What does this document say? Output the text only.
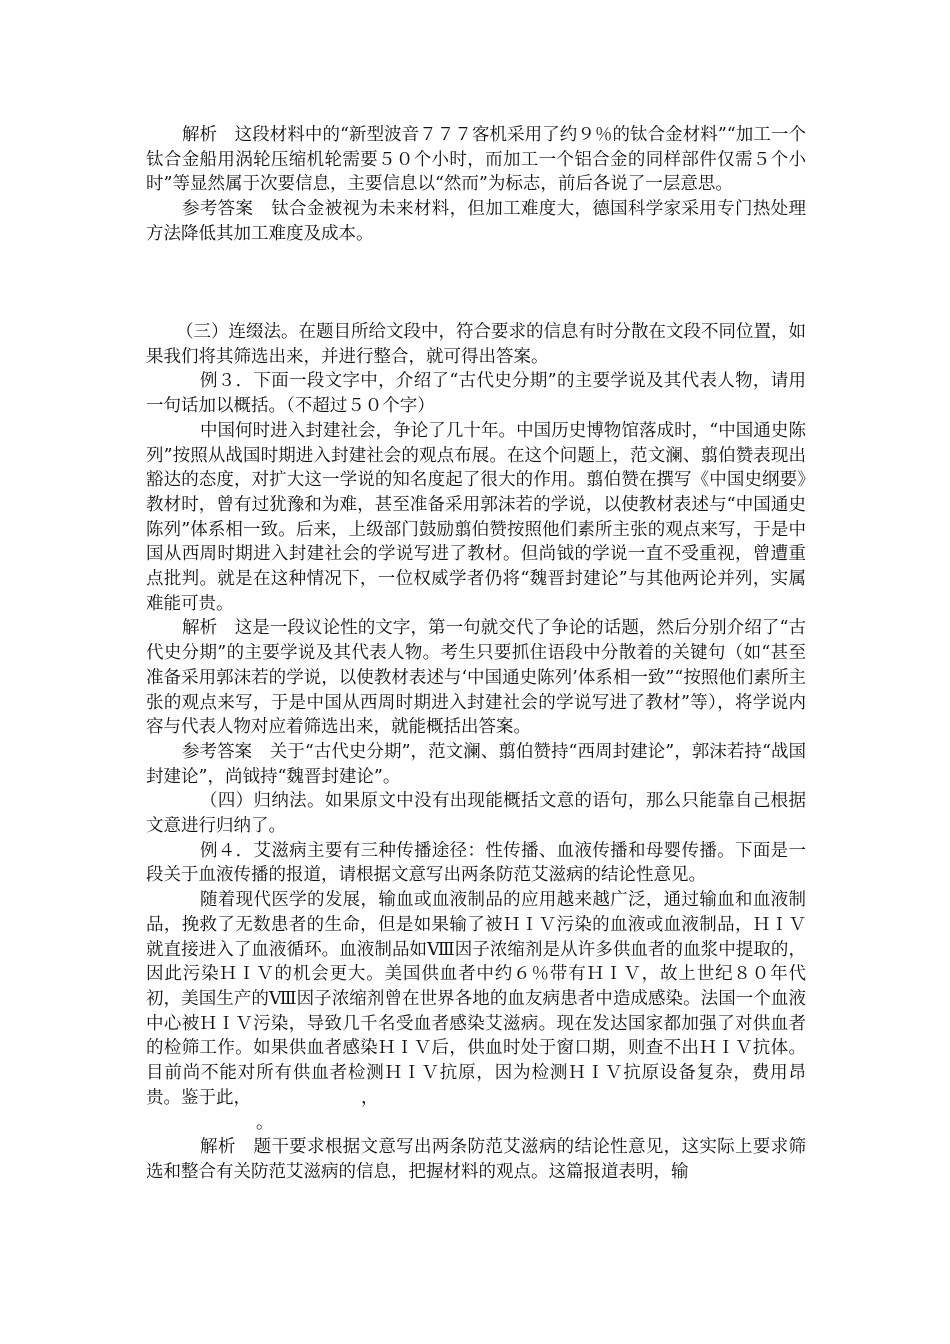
解析　这段材料中的“新型波音７７７客机采用了约９％的钛合金材料”“加工一个钛合金船用涡轮压缩机轮需要５０个小时，而加工一个铝合金的同样部件仅需５个小时”等显然属于次要信息，主要信息以“然而”为标志，前后各说了一层意思。

参考答案　钛合金被视为未来材料，但加工难度大，德国科学家采用专门热处理方法降低其加工难度及成本。

（三）连缀法。在题目所给文段中，符合要求的信息有时分散在文段不同位置，如果我们将其筛选出来，并进行整合，就可得出答案。

例３．下面一段文字中，介绍了“古代史分期”的主要学说及其代表人物，请用一句话加以概括。（不超过５０个字）

中国何时进入封建社会，争论了几十年。中国历史博物馆落成时，“中国通史陈列”按照从战国时期进入封建社会的观点布展。在这个问题上，范文澜、翦伯赞表现出豁达的态度，对扩大这一学说的知名度起了很大的作用。翦伯赞在撰写《中国史纲要》教材时，曾有过犹豫和为难，甚至准备采用郭沫若的学说，以使教材表述与“中国通史陈列”体系相一致。后来，上级部门鼓励翦伯赞按照他们素所主张的观点来写，于是中国从西周时期进入封建社会的学说写进了教材。但尚钺的学说一直不受重视，曾遭重点批判。就是在这种情况下，一位权威学者仍将“魏晋封建论”与其他两论并列，实属难能可贵。

解析　这是一段议论性的文字，第一句就交代了争论的话题，然后分别介绍了“古代史分期”的主要学说及其代表人物。考生只要抓住语段中分散着的关键句（如“甚至准备采用郭沫若的学说，以使教材表述与‘中国通史陈列’体系相一致”“按照他们素所主张的观点来写，于是中国从西周时期进入封建社会的学说写进了教材”等），将学说内容与代表人物对应着筛选出来，就能概括出答案。

参考答案　关于“古代史分期”，范文澜、翦伯赞持“西周封建论”，郭沫若持“战国封建论”，尚钺持“魏晋封建论”。

（四）归纳法。如果原文中没有出现能概括文意的语句，那么只能靠自己根据文意进行归纳了。

例４．艾滋病主要有三种传播途径：性传播、血液传播和母婴传播。下面是一段关于血液传播的报道，请根据文意写出两条防范艾滋病的结论性意见。

随着现代医学的发展，输血或血液制品的应用越来越广泛，通过输血和血液制品，挽救了无数患者的生命，但是如果输了被ＨＩＶ污染的血液或血液制品，ＨＩＶ就直接进入了血液循环。血液制品如Ⅷ因子浓缩剂是从许多供血者的血浆中提取的，因此污染ＨＩＶ的机会更大。美国供血者中约６％带有ＨＩＶ，故上世纪８０年代初，美国生产的Ⅷ因子浓缩剂曾在世界各地的血友病患者中造成感染。法国一个血液中心被ＨＩＶ污染，导致几千名受血者感染艾滋病。现在发达国家都加强了对供血者的检筛工作。如果供血者感染ＨＩＶ后，供血时处于窗口期，则查不出ＨＩＶ抗体。目前尚不能对所有供血者检测ＨＩＶ抗原，因为检测ＨＩＶ抗原设备复杂，费用昂贵。鉴于此，	，

。

解析　题干要求根据文意写出两条防范艾滋病的结论性意见，这实际上要求筛选和整合有关防范艾滋病的信息，把握材料的观点。这篇报道表明，输
